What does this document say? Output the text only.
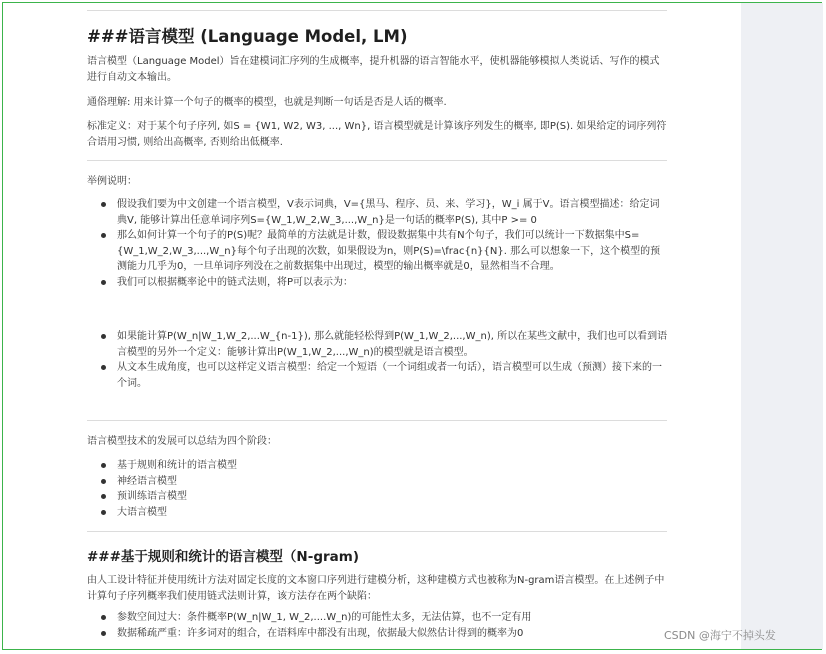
###语言模型 (Language Model, LM)
语言模型（Language Model）旨在建模词汇序列的生成概率，提升机器的语言智能水平，使机器能够模拟人类说话、写作的模式进行自动文本输出。
通俗理解: 用来计算一个句子的概率的模型，也就是判断一句话是否是人话的概率.
标准定义：对于某个句子序列, 如S = {W1, W2, W3, ..., Wn}, 语言模型就是计算该序列发生的概率, 即P(S). 如果给定的词序列符合语用习惯, 则给出高概率, 否则给出低概率.
举例说明：
假设我们要为中文创建一个语言模型，V表示词典，V={黑马、程序、员、来、学习}，W_i 属于V。语言模型描述：给定词典V, 能够计算出任意单词序列S={W_1,W_2,W_3,...,W_n}是一句话的概率P(S), 其中P >= 0
那么如何计算一个句子的P(S)呢？最简单的方法就是计数，假设数据集中共有N个句子，我们可以统计一下数据集中S={W_1,W_2,W_3,...,W_n}每个句子出现的次数，如果假设为n，则P(S)=\frac{n}{N}. 那么可以想象一下，这个模型的预测能力几乎为0，一旦单词序列没在之前数据集中出现过，模型的输出概率就是0，显然相当不合理。
我们可以根据概率论中的链式法则，将P可以表示为：
如果能计算P(W_n|W_1,W_2,...W_{n-1}), 那么就能轻松得到P(W_1,W_2,...,W_n), 所以在某些文献中，我们也可以看到语言模型的另外一个定义：能够计算出P(W_1,W_2,...,W_n)的模型就是语言模型。
从文本生成角度，也可以这样定义语言模型：给定一个短语（一个词组或者一句话），语言模型可以生成（预测）接下来的一个词。
语言模型技术的发展可以总结为四个阶段：
基于规则和统计的语言模型
神经语言模型
预训练语言模型
大语言模型
###基于规则和统计的语言模型（N-gram)
由人工设计特征并使用统计方法对固定长度的文本窗口序列进行建模分析，这种建模方式也被称为N-gram语言模型。在上述例子中计算句子序列概率我们使用链式法则计算，该方法存在两个缺陷：
参数空间过大：条件概率P(W_n|W_1, W_2,....W_n)的可能性太多，无法估算，也不一定有用
数据稀疏严重：许多词对的组合，在语料库中都没有出现，依据最大似然估计得到的概率为0	CSDN @海宁不掉头发
